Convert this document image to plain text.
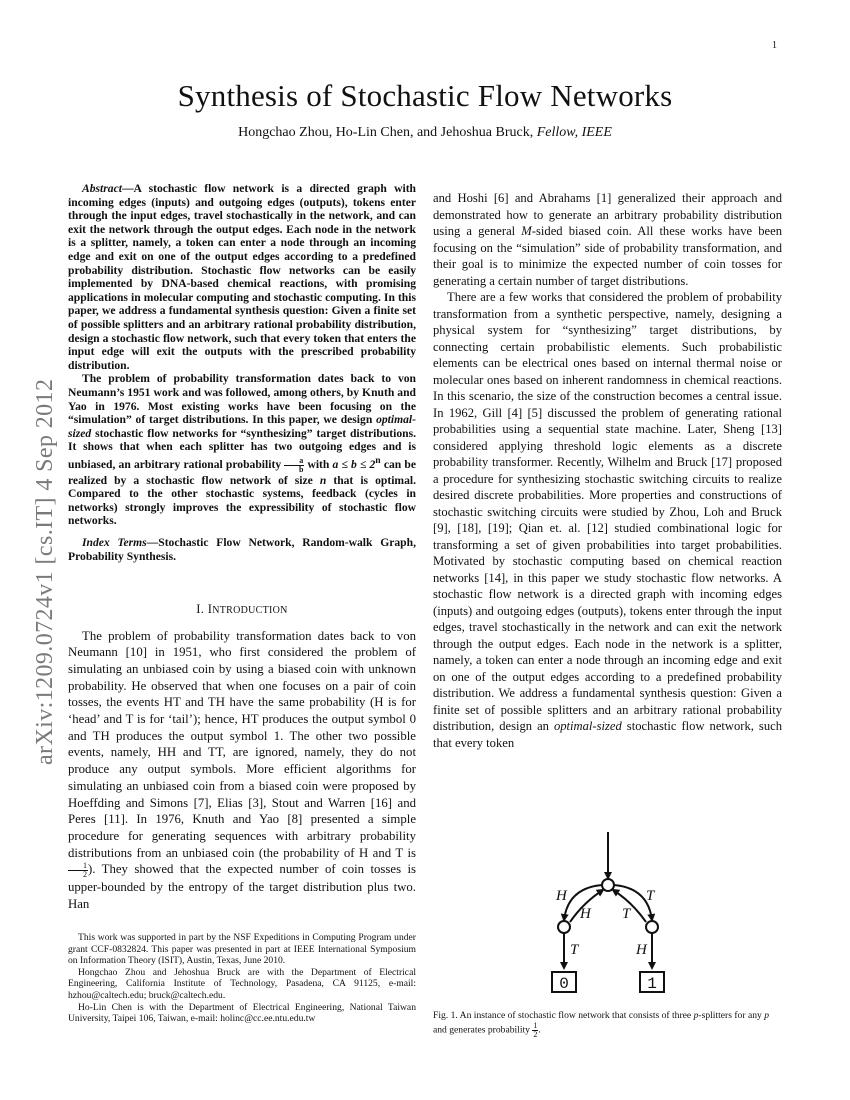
1
arXiv:1209.0724v1 [cs.IT] 4 Sep 2012
Synthesis of Stochastic Flow Networks
Hongchao Zhou, Ho-Lin Chen, and Jehoshua Bruck, Fellow, IEEE

Abstract—A stochastic flow network is a directed graph with incoming edges (inputs) and outgoing edges (outputs), tokens enter through the input edges, travel stochastically in the network, and can exit the network through the output edges. Each node in the network is a splitter, namely, a token can enter a node through an incoming edge and exit on one of the output edges according to a predefined probability distribution. Stochastic flow networks can be easily implemented by DNA-based chemical reactions, with promising applications in molecular computing and stochastic computing. In this paper, we address a fundamental synthesis question: Given a finite set of possible splitters and an arbitrary rational probability distribution, design a stochastic flow network, such that every token that enters the input edge will exit the outputs with the prescribed probability distribution.

The problem of probability transformation dates back to von Neumann’s 1951 work and was followed, among others, by Knuth and Yao in 1976. Most existing works have been focusing on the “simulation” of target distributions. In this paper, we design optimal-sized stochastic flow networks for “synthesizing” target distributions. It shows that when each splitter has two outgoing edges and is unbiased, an arbitrary rational probability $\frac{a}{b}$ with $a \le b \le 2^n$ can be realized by a stochastic flow network of size n that is optimal. Compared to the other stochastic systems, feedback (cycles in networks) strongly improves the expressibility of stochastic flow networks.

Index Terms—Stochastic Flow Network, Random-walk Graph, Probability Synthesis.

I. INTRODUCTION

The problem of probability transformation dates back to von Neumann [10] in 1951, who first considered the problem of simulating an unbiased coin by using a biased coin with unknown probability. He observed that when one focuses on a pair of coin tosses, the events HT and TH have the same probability (H is for ‘head’ and T is for ‘tail’); hence, HT produces the output symbol 0 and TH produces the output symbol 1. The other two possible events, namely, HH and TT, are ignored, namely, they do not produce any output symbols. More efficient algorithms for simulating an unbiased coin from a biased coin were proposed by Hoeffding and Simons [7], Elias [3], Stout and Warren [16] and Peres [11]. In 1976, Knuth and Yao [8] presented a simple procedure for generating sequences with arbitrary probability distributions from an unbiased coin (the probability of H and T is
$\frac{1}{2}$ ). They showed that the expected number of coin tosses is upper-bounded by the entropy of the target distribution plus two. Han

This work was supported in part by the NSF Expeditions in Computing Program under grant CCF-0832824. This paper was presented in part at IEEE International Symposium on Information Theory (ISIT), Austin, Texas, June 2010.

Hongchao Zhou and Jehoshua Bruck are with the Department of Electrical Engineering, California Institute of Technology, Pasadena, CA 91125, e-mail: hzhou@caltech.edu; bruck@caltech.edu.

Ho-Lin Chen is with the Department of Electrical Engineering, National Taiwan University, Taipei 106, Taiwan, e-mail: holinc@cc.ee.ntu.edu.tw

and Hoshi [6] and Abrahams [1] generalized their approach and demonstrated how to generate an arbitrary probability distribution using a general M-sided biased coin. All these works have been focusing on the “simulation” side of probability transformation, and their goal is to minimize the expected number of coin tosses for generating a certain number of target distributions.

There are a few works that considered the problem of probability transformation from a synthetic perspective, namely, designing a physical system for “synthesizing” target distributions, by connecting certain probabilistic elements. Such probabilistic elements can be electrical ones based on internal thermal noise or molecular ones based on inherent randomness in chemical reactions. In this scenario, the size of the construction becomes a central issue. In 1962, Gill [4] [5] discussed the problem of generating rational probabilities using a sequential state machine. Later, Sheng [13] considered applying threshold logic elements as a discrete probability transformer. Recently, Wilhelm and Bruck [17] proposed a procedure for synthesizing stochastic switching circuits to realize desired discrete probabilities. More properties and constructions of stochastic switching circuits were studied by Zhou, Loh and Bruck [9], [18], [19]; Qian et. al. [12] studied combinational logic for transforming a set of given probabilities into target probabilities. Motivated by stochastic computing based on chemical reaction networks [14], in this paper we study stochastic flow networks. A stochastic flow network is a directed graph with incoming edges (inputs) and outgoing edges (outputs), tokens enter through the input edges, travel stochastically in the network and can exit the network through the output edges. Each node in the network is a splitter, namely, a token can enter a node through an incoming edge and exit on one of the output edges according to a predefined probability distribution. We address a fundamental synthesis question: Given a finite set of possible splitters and an arbitrary rational probability distribution, design an optimal-sized stochastic flow network, such that every token

H	T
H T
T	H
0	1
Fig. 1. An instance of stochastic flow network that consists of three p-splitters for any p and generates probability $\frac{1}{2}$ .
